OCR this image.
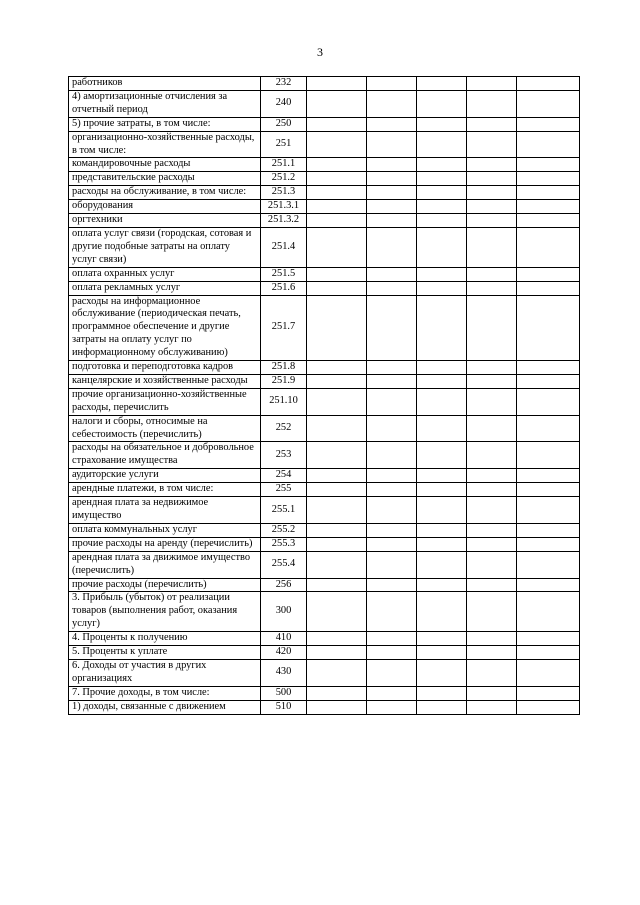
3
работников	232					
4) амортизационные отчисления за отчетный период	240					
5) прочие затраты, в том числе:	250					
организационно-хозяйственные расходы, в том числе:	251					
командировочные расходы	251.1					
представительские расходы	251.2					
расходы на обслуживание, в том числе:	251.3					
оборудования	251.3.1					
оргтехники	251.3.2					
оплата услуг связи (городская, сотовая и другие подобные затраты на оплату услуг связи)	251.4					
оплата охранных услуг	251.5					
оплата рекламных услуг	251.6					
расходы на информационное обслуживание (периодическая печать, программное обеспечение и другие затраты на оплату услуг по информационному обслуживанию)	251.7					
подготовка и переподготовка кадров	251.8					
канцелярские и хозяйственные расходы	251.9					
прочие организационно-хозяйственные расходы, перечислить	251.10					
налоги и сборы, относимые на себестоимость (перечислить)	252					
расходы на обязательное и добровольное страхование имущества	253					
аудиторские услуги	254					
арендные платежи, в том числе:	255					
арендная плата за недвижимое имущество	255.1					
оплата коммунальных услуг	255.2					
прочие расходы на аренду (перечислить)	255.3					
арендная плата за движимое имущество (перечислить)	255.4					
прочие расходы (перечислить)	256					
3. Прибыль (убыток) от реализации товаров (выполнения работ, оказания услуг)	300					
4. Проценты к получению	410					
5. Проценты к уплате	420					
6. Доходы от участия в других организациях	430					
7. Прочие доходы, в том числе:	500					
1) доходы, связанные с движением	510					
